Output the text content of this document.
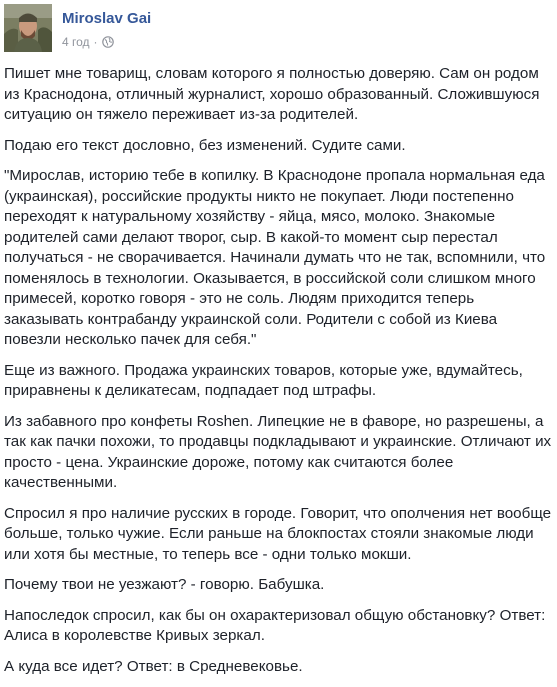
Miroslav Gai
4 год ·

Пишет мне товарищ, словам которого я полностью доверяю. Сам он родом из Краснодона, отличный журналист, хорошо образованный. Сложившуюся ситуацию он тяжело переживает из-за родителей.

Подаю его текст дословно, без изменений. Судите сами.

"Мирослав, историю тебе в копилку. В Краснодоне пропала нормальная еда (украинская), российские продукты никто не покупает. Люди постепенно переходят к натуральному хозяйству - яйца, мясо, молоко. Знакомые родителей сами делают творог, сыр. В какой-то момент сыр перестал получаться - не сворачивается. Начинали думать что не так, вспомнили, что поменялось в технологии. Оказывается, в российской соли слишком много примесей, коротко говоря - это не соль. Людям приходится теперь заказывать контрабанду украинской соли. Родители с собой из Киева повезли несколько пачек для себя."

Еще из важного. Продажа украинских товаров, которые уже, вдумайтесь, приравнены к деликатесам, подпадает под штрафы.

Из забавного про конфеты Roshen. Липецкие не в фаворе, но разрешены, а так как пачки похожи, то продавцы подкладывают и украинские. Отличают их просто - цена. Украинские дороже, потому как считаются более качественными.

Спросил я про наличие русских в городе. Говорит, что ополчения нет вообще больше, только чужие. Если раньше на блокпостах стояли знакомые люди или хотя бы местные, то теперь все - одни только мокши.

Почему твои не уезжают? - говорю. Бабушка.

Напоследок спросил, как бы он охарактеризовал общую обстановку? Ответ: Алиса в королевстве Кривых зеркал.

А куда все идет? Ответ: в Средневековье.
